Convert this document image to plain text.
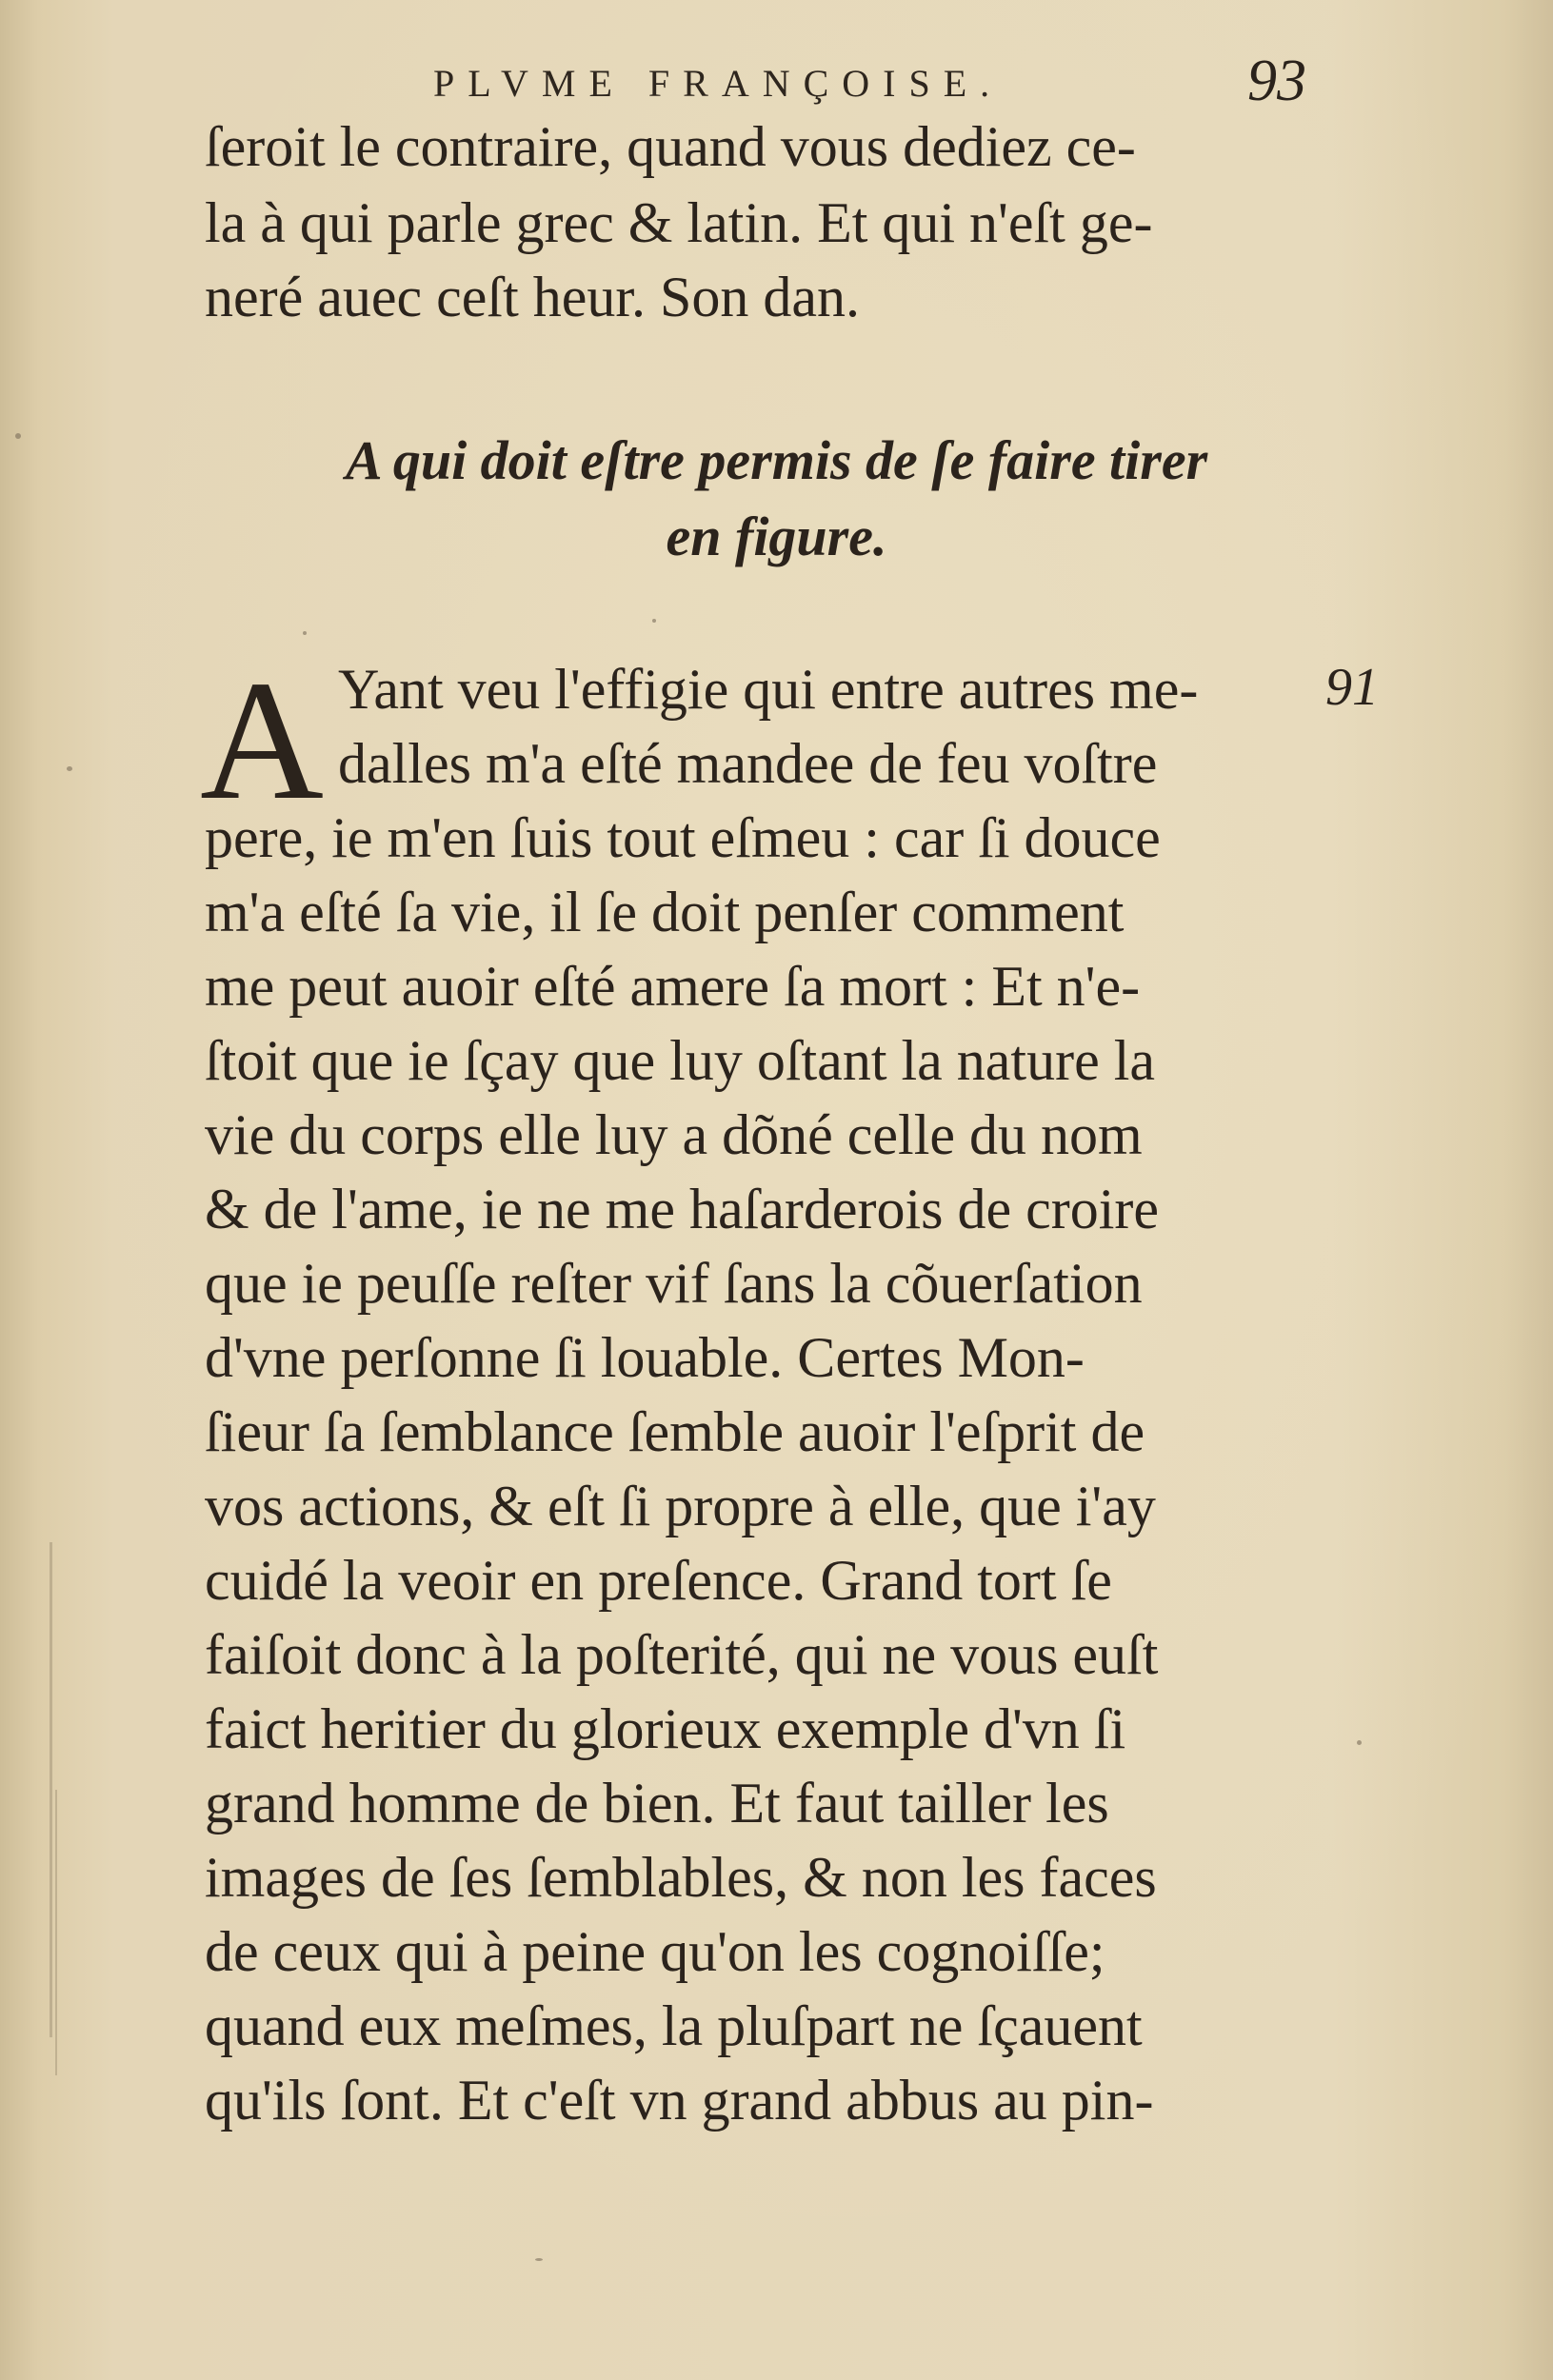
PLVME FRANÇOISE.	93
ſeroit le contraire, quand vous dediez ce-
la à qui parle grec & latin. Et qui n'eſt ge-
neré auec ceſt heur. Son dan.
A qui doit eſtre permis de ſe faire tirer
en figure.
A	91
Yant veu l'effigie qui entre autres me-
dalles m'a eſté mandee de feu voſtre
pere, ie m'en ſuis tout eſmeu : car ſi douce
m'a eſté ſa vie, il ſe doit penſer comment
me peut auoir eſté amere ſa mort : Et n'e-
ſtoit que ie ſçay que luy oſtant la nature la
vie du corps elle luy a dõné celle du nom
& de l'ame, ie ne me haſarderois de croire
que ie peuſſe reſter vif ſans la cõuerſation
d'vne perſonne ſi louable. Certes Mon-
ſieur ſa ſemblance ſemble auoir l'eſprit de
vos actions, & eſt ſi propre à elle, que i'ay
cuidé la veoir en preſence. Grand tort ſe
faiſoit donc à la poſterité, qui ne vous euſt
faict heritier du glorieux exemple d'vn ſi
grand homme de bien. Et faut tailler les
images de ſes ſemblables, & non les faces
de ceux qui à peine qu'on les cognoiſſe;
quand eux meſmes, la pluſpart ne ſçauent
qu'ils ſont. Et c'eſt vn grand abbus au pin-
